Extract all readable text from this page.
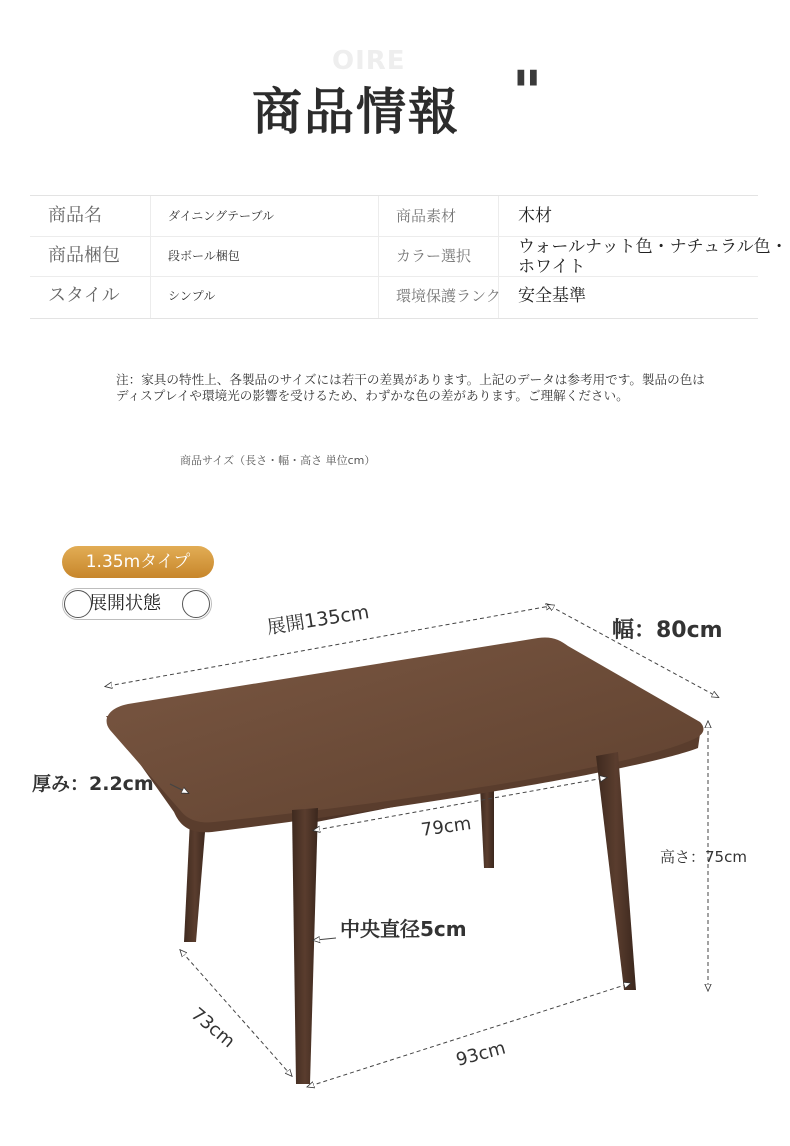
OIRE
商品情報 "
商品名	ダイニングテーブル	商品素材	木材
商品梱包	段ボール梱包	カラー選択	ウォールナット色・ナチュラル色・ホワイト
スタイル	シンプル	環境保護ランク 安全基準

注：家具の特性上、各製品のサイズには若干の差異があります。上記のデータは参考用です。製品の色はディスプレイや環境光の影響を受けるため、わずかな色の差があります。ご理解ください。

商品サイズ（長さ・幅・高さ 単位cm）
1.35mタイプ
展開状態	展開135cm	幅：80cm
厚み：2.2cm
79cm
高さ：75cm
中央直径5cm
73cm
93cm
